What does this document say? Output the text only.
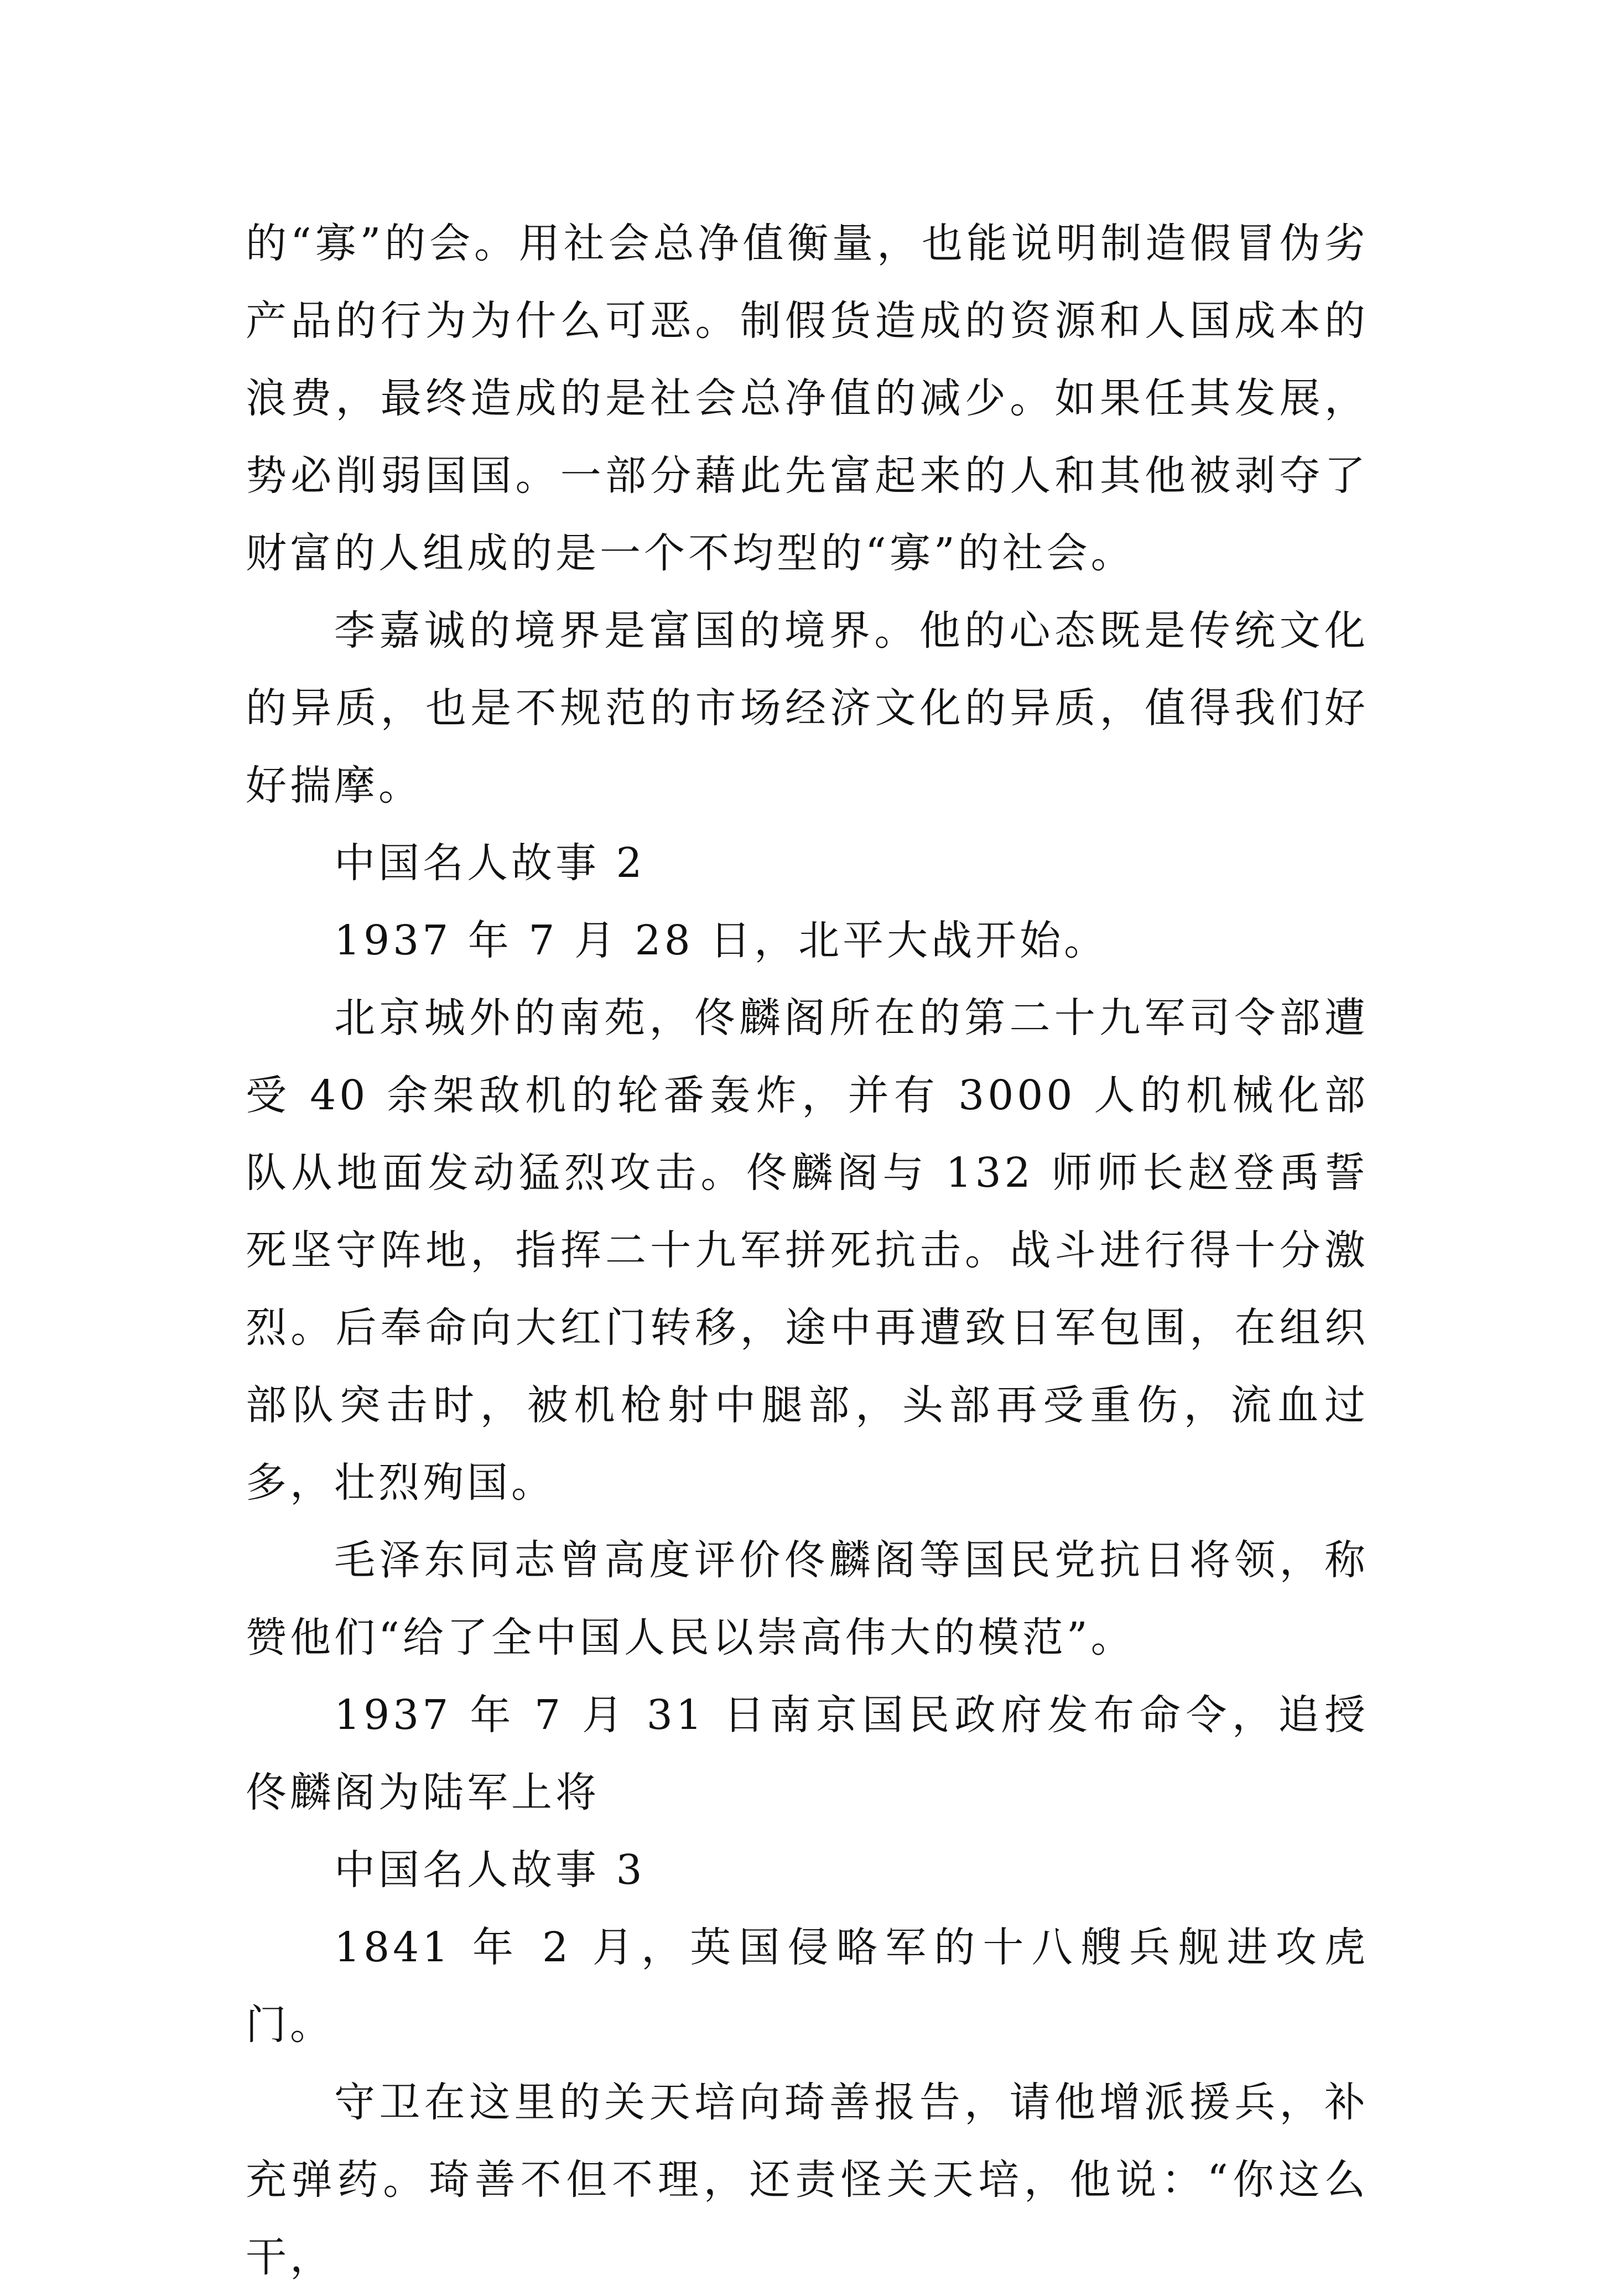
的“寡”的会。用社会总净值衡量，也能说明制造假冒伪劣产品的行为为什么可恶。制假货造成的资源和人国成本的浪费，最终造成的是社会总净值的减少。如果任其发展，势必削弱国国。一部分藉此先富起来的人和其他被剥夺了财富的人组成的是一个不均型的“寡”的社会。

李嘉诚的境界是富国的境界。他的心态既是传统文化的异质，也是不规范的市场经济文化的异质，值得我们好好揣摩。

中国名人故事 2

1937 年 7 月 28 日，北平大战开始。

北京城外的南苑，佟麟阁所在的第二十九军司令部遭受 40 余架敌机的轮番轰炸，并有 3000 人的机械化部队从地面发动猛烈攻击。佟麟阁与 132 师师长赵登禹誓死坚守阵地，指挥二十九军拼死抗击。战斗进行得十分激烈。后奉命向大红门转移，途中再遭致日军包围，在组织部队突击时，被机枪射中腿部，头部再受重伤，流血过多，壮烈殉国。

毛泽东同志曾高度评价佟麟阁等国民党抗日将领，称赞他们“给了全中国人民以崇高伟大的模范”。

1937 年 7 月 31 日南京国民政府发布命令，追授佟麟阁为陆军上将

中国名人故事 3

1841 年 2 月，英国侵略军的十八艘兵舰进攻虎门。

守卫在这里的关天培向琦善报告，请他增派援兵，补充弹药。琦善不但不理，还责怪关天培，他说：“你这么干，
